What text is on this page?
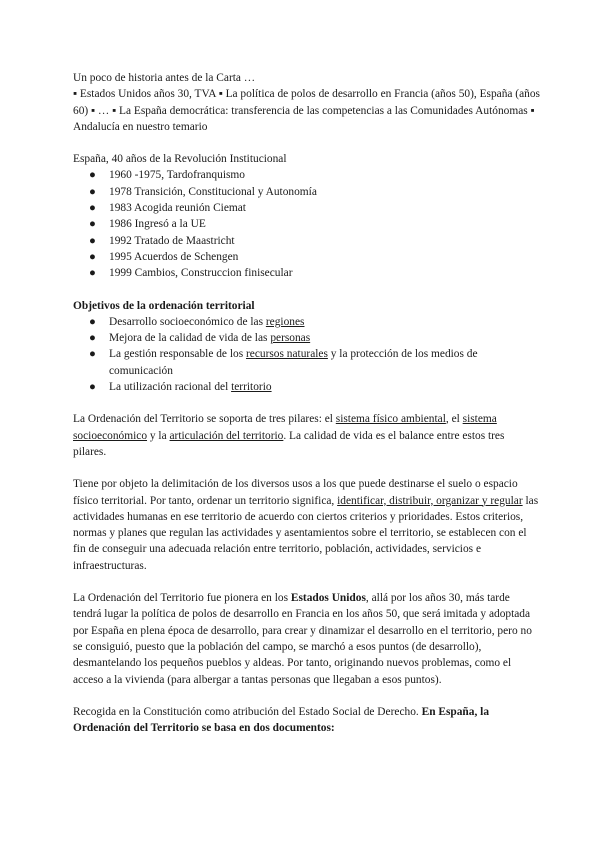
Un poco de historia antes de la Carta …

▪ Estados Unidos años 30, TVA ▪ La política de polos de desarrollo en Francia (años 50), España (años 60) ▪ … ▪ La España democrática: transferencia de las competencias a las Comunidades Autónomas ▪ Andalucía en nuestro temario

España, 40 años de la Revolución Institucional

● 1960 -1975, Tardofranquismo
● 1978 Transición, Constitucional y Autonomía
● 1983 Acogida reunión Ciemat
● 1986 Ingresó a la UE
● 1992 Tratado de Maastricht
● 1995 Acuerdos de Schengen
● 1999 Cambios, Construccion finisecular

Objetivos de la ordenación territorial

● Desarrollo socioeconómico de las regiones
● Mejora de la calidad de vida de las personas
● La gestión responsable de los recursos naturales y la protección de los medios de comunicación
● La utilización racional del territorio

La Ordenación del Territorio se soporta de tres pilares: el sistema físico ambiental, el sistema socioeconómico y la articulación del territorio. La calidad de vida es el balance entre estos tres pilares.

Tiene por objeto la delimitación de los diversos usos a los que puede destinarse el suelo o espacio físico territorial. Por tanto, ordenar un territorio significa, identificar, distribuir, organizar y regular las actividades humanas en ese territorio de acuerdo con ciertos criterios y prioridades. Estos criterios, normas y planes que regulan las actividades y asentamientos sobre el territorio, se establecen con el fin de conseguir una adecuada relación entre territorio, población, actividades, servicios e infraestructuras.

La Ordenación del Territorio fue pionera en los Estados Unidos, allá por los años 30, más tarde tendrá lugar la política de polos de desarrollo en Francia en los años 50, que será imitada y adoptada por España en plena época de desarrollo, para crear y dinamizar el desarrollo en el territorio, pero no se consiguió, puesto que la población del campo, se marchó a esos puntos (de desarrollo), desmantelando los pequeños pueblos y aldeas. Por tanto, originando nuevos problemas, como el acceso a la vivienda (para albergar a tantas personas que llegaban a esos puntos).

Recogida en la Constitución como atribución del Estado Social de Derecho. En España, la Ordenación del Territorio se basa en dos documentos:
